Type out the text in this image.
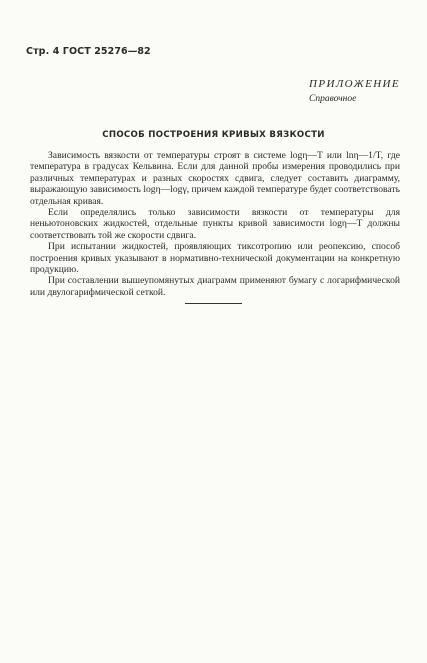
Стр. 4 ГОСТ 25276—82
ПРИЛОЖЕНИЕ
Справочное
СПОСОБ ПОСТРОЕНИЯ КРИВЫХ ВЯЗКОСТИ

Зависимость вязкости от температуры строят в системе logη—T или lnη—1/T, где температура в градусах Кельвина. Если для данной пробы измерения проводились при различных температурах и разных скоростях сдвига, следует составить диаграмму, выражающую зависимость logη—logγ, причем каждой температуре будет соответствовать отдельная кривая.

Если определялись только зависимости вязкости от температуры для неньютоновских жидкостей, отдельные пункты кривой зависимости logη—T должны соответствовать той же скорости сдвига.

При испытании жидкостей, проявляющих тиксотропию или реопексию, способ построения кривых указывают в нормативно-технической документации на конкретную продукцию.

При составлении вышеупомянутых диаграмм применяют бумагу с логарифмической или двулогарифмической сеткой.
